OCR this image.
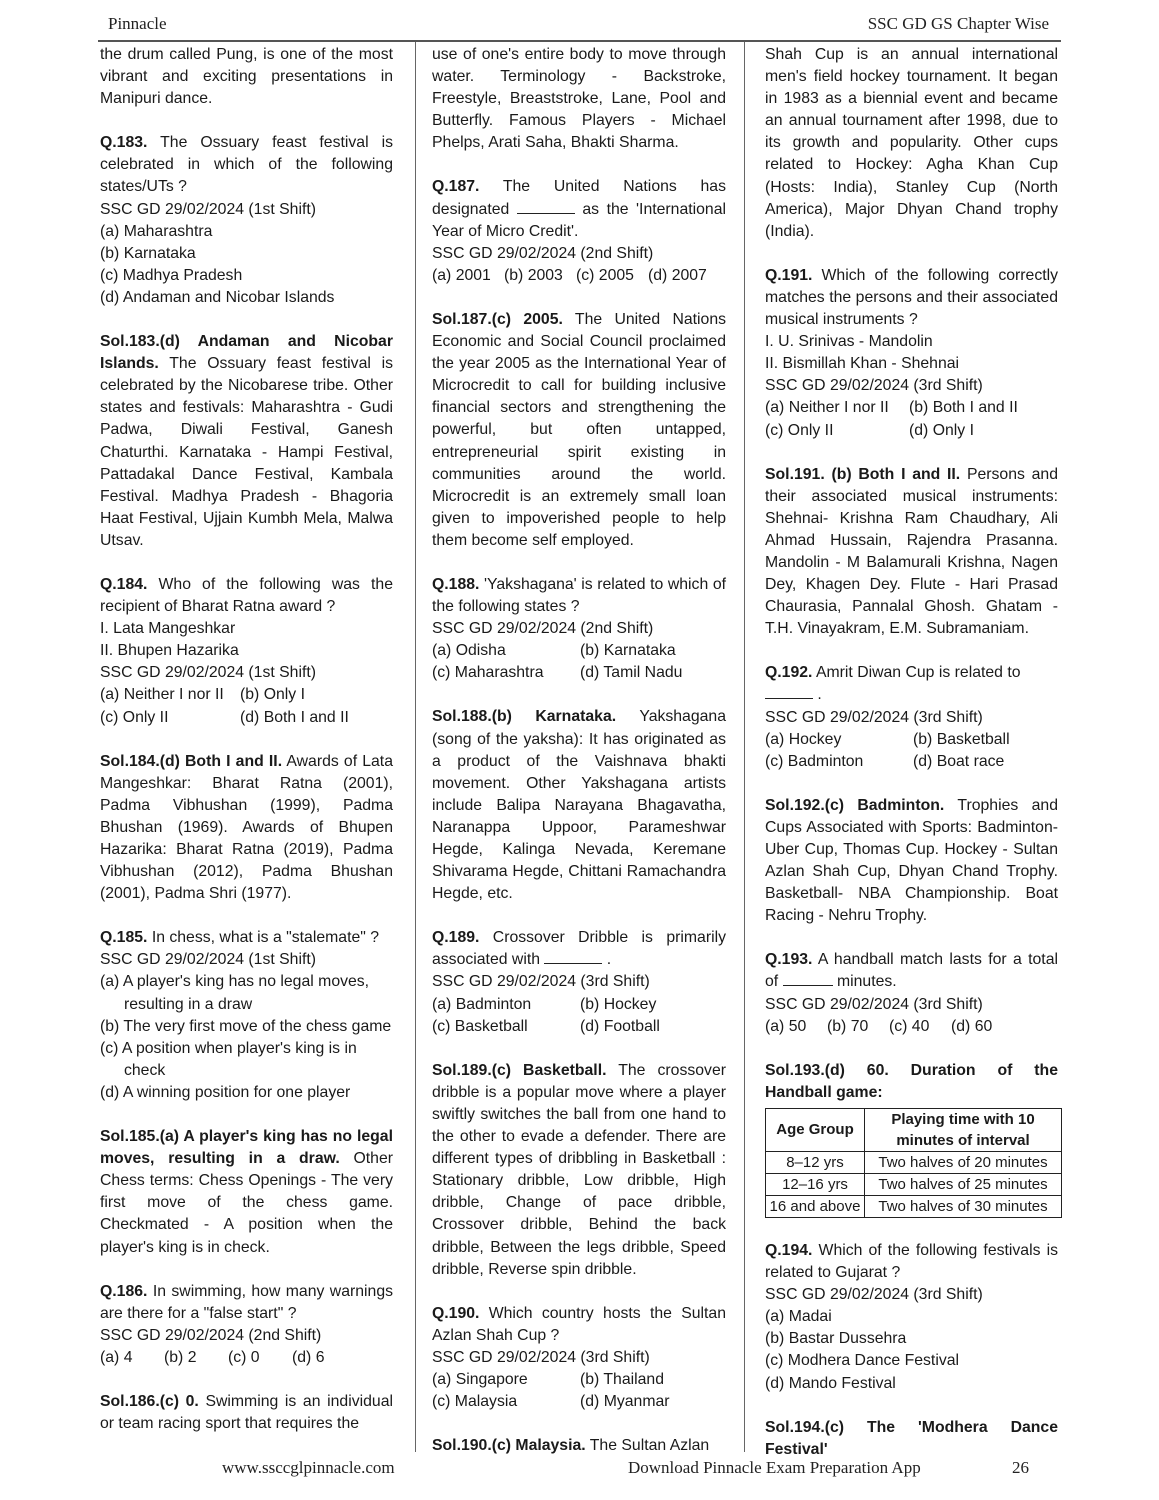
Pinnacle	SSC GD GS Chapter Wise

the drum called Pung, is one of the most vibrant and exciting presentations in Manipuri dance.

Q.183. The Ossuary feast festival is celebrated in which of the following states/UTs ?

SSC GD 29/02/2024 (1st Shift)

(a) Maharashtra

(b) Karnataka

(c) Madhya Pradesh

(d) Andaman and Nicobar Islands

Sol.183.(d) Andaman and Nicobar Islands. The Ossuary feast festival is celebrated by the Nicobarese tribe. Other states and festivals: Maharashtra - Gudi Padwa, Diwali Festival, Ganesh Chaturthi. Karnataka - Hampi Festival, Pattadakal Dance Festival, Kambala Festival. Madhya Pradesh - Bhagoria Haat Festival, Ujjain Kumbh Mela, Malwa Utsav.

Q.184. Who of the following was the recipient of Bharat Ratna award ?

I. Lata Mangeshkar

II. Bhupen Hazarika

SSC GD 29/02/2024 (1st Shift)

(a) Neither I nor II	(b) Only I
(c) Only II	(d) Both I and II

Sol.184.(d) Both I and II. Awards of Lata Mangeshkar: Bharat Ratna (2001), Padma Vibhushan (1999), Padma Bhushan (1969). Awards of Bhupen Hazarika: Bharat Ratna (2019), Padma Vibhushan (2012), Padma Bhushan (2001), Padma Shri (1977).

Q.185. In chess, what is a "stalemate" ?

SSC GD 29/02/2024 (1st Shift)

(a) A player's king has no legal moves, resulting in a draw

(b) The very first move of the chess game

(c) A position when player's king is in check

(d) A winning position for one player

Sol.185.(a) A player's king has no legal moves, resulting in a draw. Other Chess terms: Chess Openings - The very first move of the chess game. Checkmated - A position when the player's king is in check.

Q.186. In swimming, how many warnings are there for a "false start" ?

SSC GD 29/02/2024 (2nd Shift)

(a) 4	(b) 2	(c) 0	(d) 6

Sol.186.(c) 0. Swimming is an individual or team racing sport that requires the

use of one's entire body to move through water. Terminology - Backstroke, Freestyle, Breaststroke, Lane, Pool and Butterfly. Famous Players - Michael Phelps, Arati Saha, Bhakti Sharma.

Q.187. The United Nations has designated	as the 'International Year of Micro Credit'.

SSC GD 29/02/2024 (2nd Shift)

(a) 2001 (b) 2003 (c) 2005 (d) 2007

Sol.187.(c) 2005. The United Nations Economic and Social Council proclaimed the year 2005 as the International Year of Microcredit to call for building inclusive financial sectors and strengthening the powerful, but often untapped, entrepreneurial spirit existing in communities around the world. Microcredit is an extremely small loan given to impoverished people to help them become self employed.

Q.188. 'Yakshagana' is related to which of the following states ?

SSC GD 29/02/2024 (2nd Shift)

(a) Odisha	(b) Karnataka
(c) Maharashtra	(d) Tamil Nadu

Sol.188.(b) Karnataka. Yakshagana (song of the yaksha): It has originated as a product of the Vaishnava bhakti movement. Other Yakshagana artists include Balipa Narayana Bhagavatha, Naranappa Uppoor, Parameshwar Hegde, Kalinga Nevada, Keremane Shivarama Hegde, Chittani Ramachandra Hegde, etc.

Q.189. Crossover Dribble is primarily associated with	.

SSC GD 29/02/2024 (3rd Shift)

(a) Badminton	(b) Hockey
(c) Basketball	(d) Football

Sol.189.(c) Basketball. The crossover dribble is a popular move where a player swiftly switches the ball from one hand to the other to evade a defender. There are different types of dribbling in Basketball : Stationary dribble, Low dribble, High dribble, Change of pace dribble, Crossover dribble, Behind the back dribble, Between the legs dribble, Speed dribble, Reverse spin dribble.

Q.190. Which country hosts the Sultan Azlan Shah Cup ?

SSC GD 29/02/2024 (3rd Shift)

(a) Singapore	(b) Thailand
(c) Malaysia	(d) Myanmar

Sol.190.(c) Malaysia. The Sultan Azlan

Shah Cup is an annual international men's field hockey tournament. It began in 1983 as a biennial event and became an annual tournament after 1998, due to its growth and popularity. Other cups related to Hockey: Agha Khan Cup (Hosts: India), Stanley Cup (North America), Major Dhyan Chand trophy (India).

Q.191. Which of the following correctly matches the persons and their associated musical instruments ?

I. U. Srinivas - Mandolin

II. Bismillah Khan - Shehnai

SSC GD 29/02/2024 (3rd Shift)

(a) Neither I nor II	(b) Both I and II
(c) Only II	(d) Only I

Sol.191. (b) Both I and II. Persons and their associated musical instruments: Shehnai- Krishna Ram Chaudhary, Ali Ahmad Hussain, Rajendra Prasanna. Mandolin - M Balamurali Krishna, Nagen Dey, Khagen Dey. Flute - Hari Prasad Chaurasia, Pannalal Ghosh. Ghatam - T.H. Vinayakram, E.M. Subramaniam.

Q.192. Amrit Diwan Cup is related to

.

SSC GD 29/02/2024 (3rd Shift)

(a) Hockey	(b) Basketball
(c) Badminton	(d) Boat race

Sol.192.(c) Badminton. Trophies and Cups Associated with Sports: Badminton- Uber Cup, Thomas Cup. Hockey - Sultan Azlan Shah Cup, Dhyan Chand Trophy. Basketball- NBA Championship. Boat Racing - Nehru Trophy.

Q.193. A handball match lasts for a total of	minutes.

SSC GD 29/02/2024 (3rd Shift)

(a) 50	(b) 70	(c) 40	(d) 60

Sol.193.(d) 60. Duration of the Handball game:

Age Group	Playing time with 10 minutes of interval
8–12 yrs	Two halves of 20 minutes
12–16 yrs	Two halves of 25 minutes
16 and above	Two halves of 30 minutes

Q.194. Which of the following festivals is related to Gujarat ?

SSC GD 29/02/2024 (3rd Shift)

(a) Madai

(b) Bastar Dussehra

(c) Modhera Dance Festival

(d) Mando Festival

Sol.194.(c) The 'Modhera Dance Festival'

www.ssccglpinnacle.com	Download Pinnacle Exam Preparation App	26
